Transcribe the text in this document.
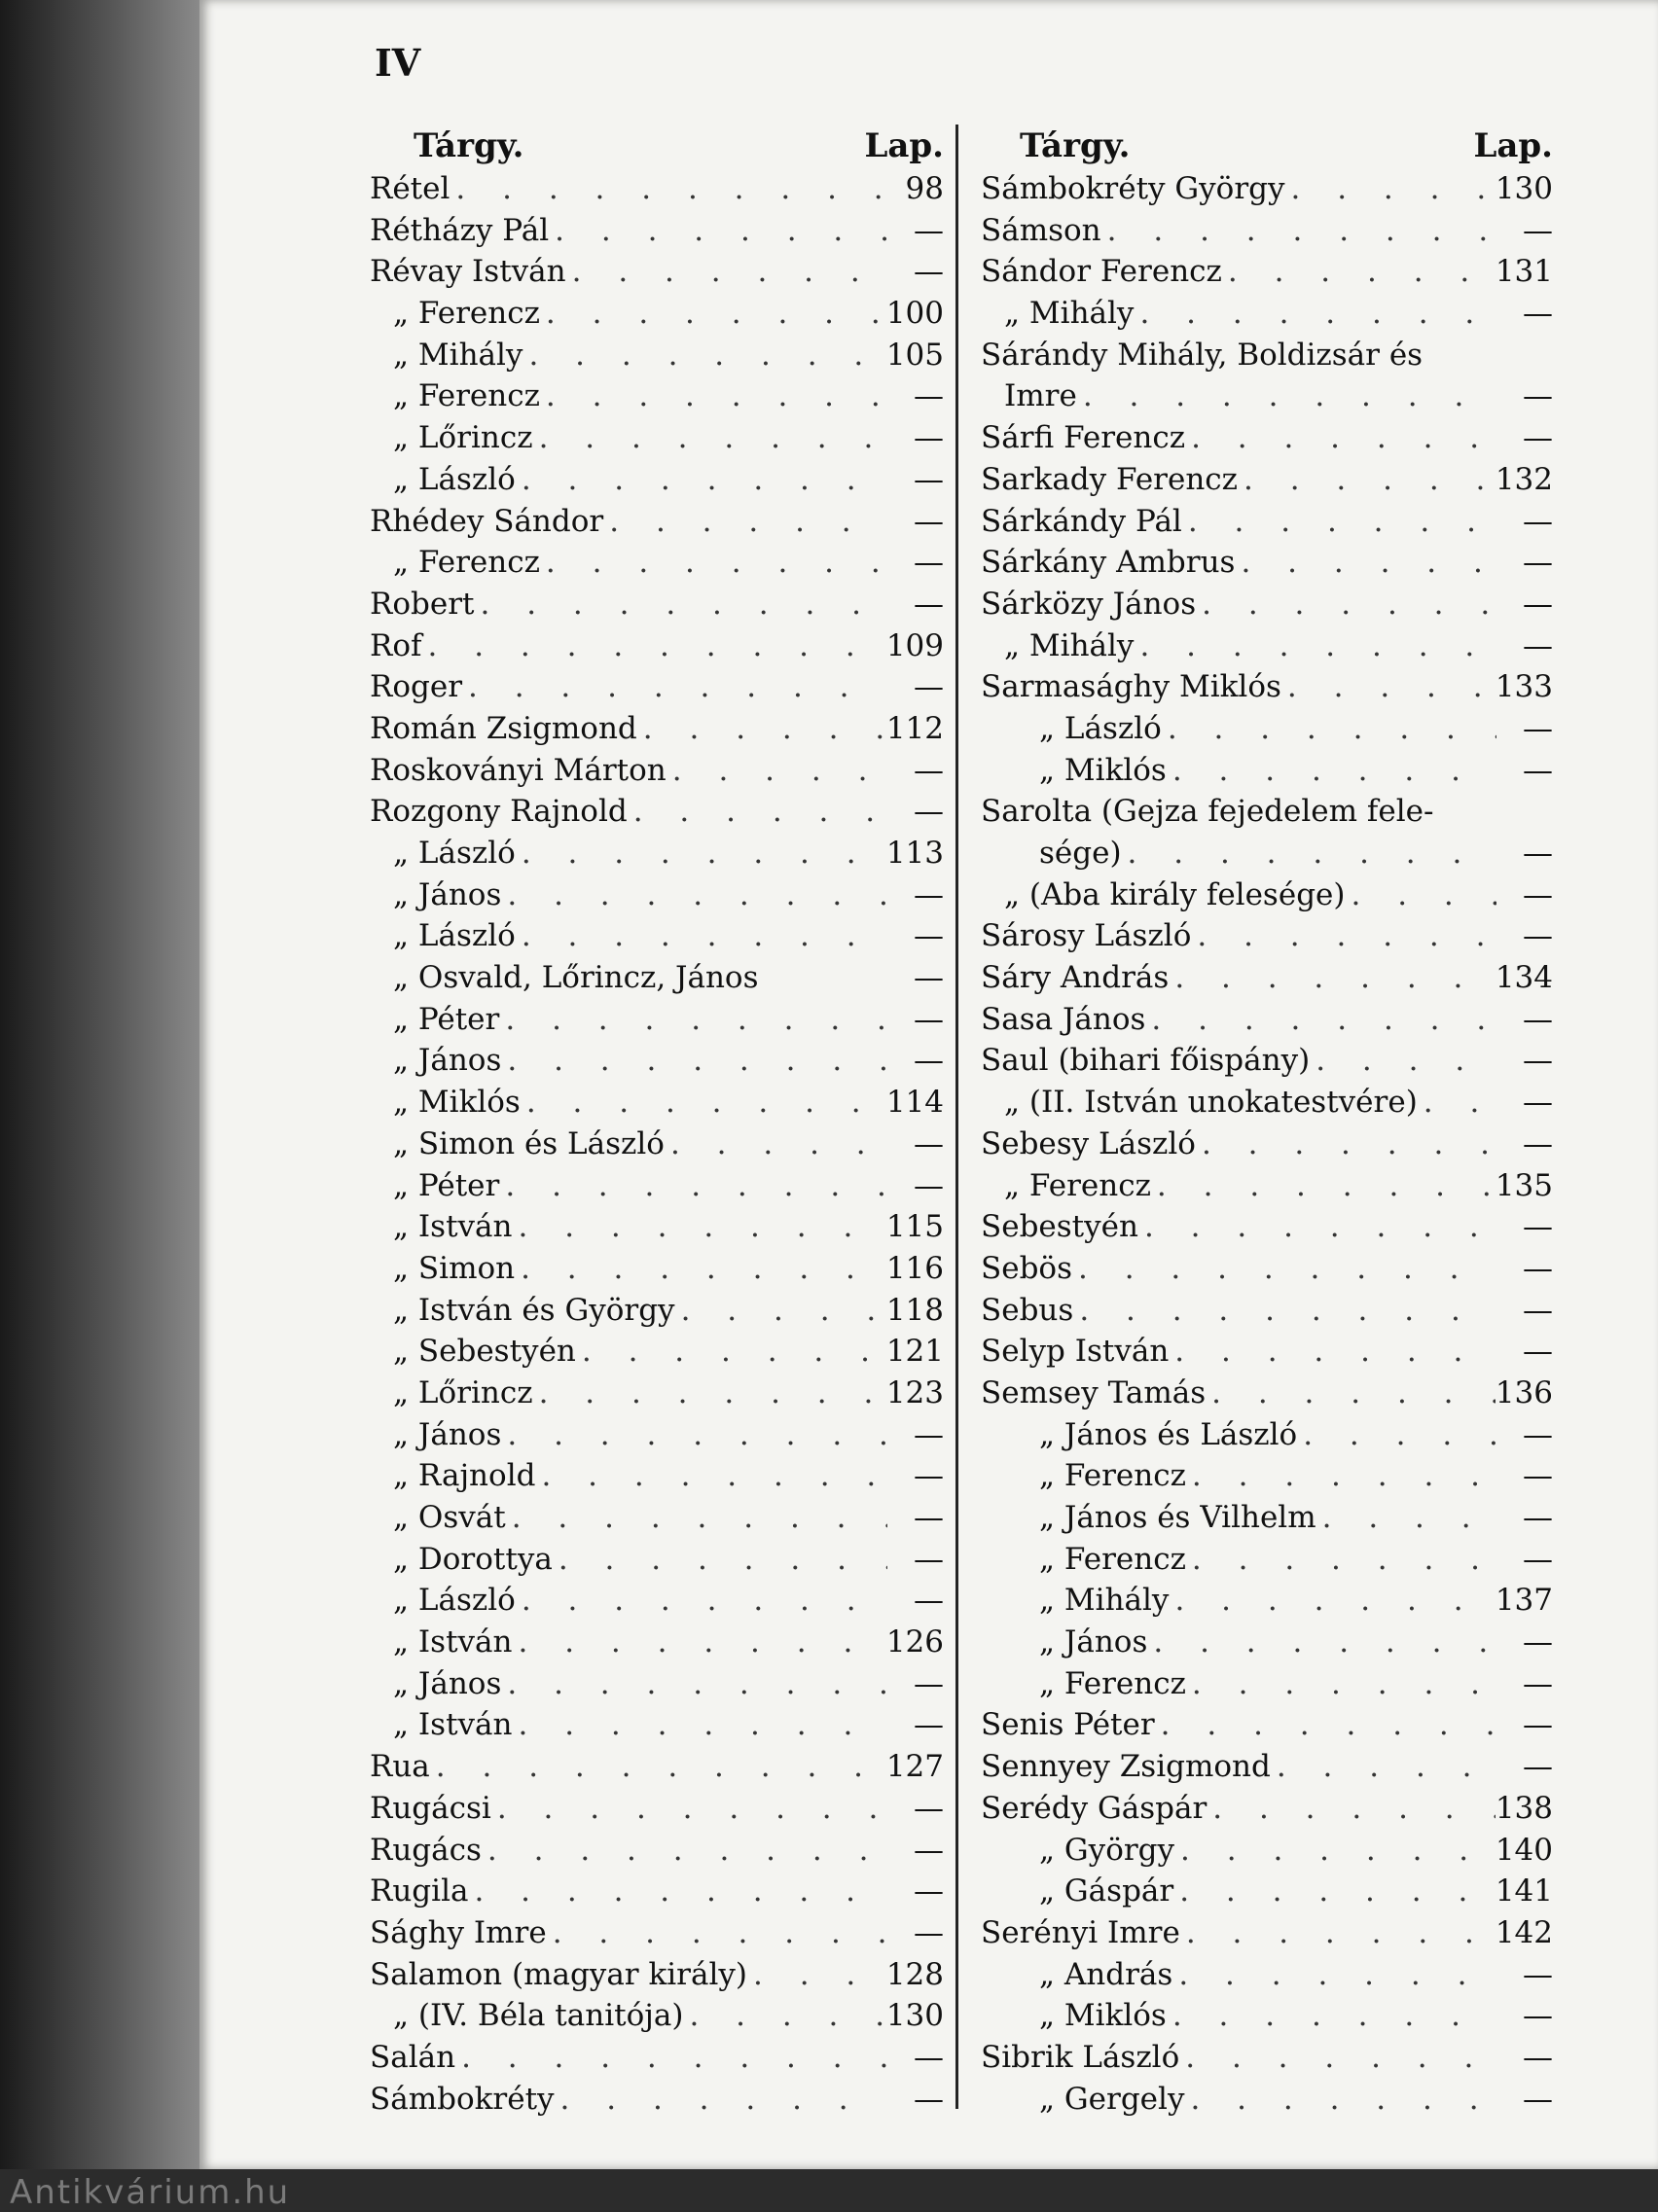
Antikvárium.hu
IV
Tárgy.	Lap.
Rétel . . .	98
Rétházy Pál . . .	—
Révay István . . .	—
„ Ferencz . . .	100
„ Mihály . . .	105
„ Ferencz . . .	—
„ Lőrincz . . .	—
„ László . . .	—
Rhédey Sándor . . .	—
„ Ferencz . . .	—
Robert . . .	—
Rof . . .	109
Roger . . .	—
Román Zsigmond . . .	112
Roskoványi Márton . . .	—
Rozgony Rajnold . . .	—
„ László . . .	113
„ János . . .	—
„ László . . .	—
„ Osvald, Lőrincz, János	—
„ Péter . . .	—
„ János . . .	—
„ Miklós . . .	114
„ Simon és László . . .	—
„ Péter . . .	—
„ István . . .	115
„ Simon . . .	116
„ István és György . . .	118
„ Sebestyén . . .	121
„ Lőrincz . . .	123
„ János . . .	—
„ Rajnold . . .	—
„ Osvát . . .	—
„ Dorottya . . .	—
„ László . . .	—
„ István . . .	126
„ János . . .	—
„ István . . .	—
Rua . . .	127
Rugácsi . . .	—
Rugács . . .	—
Rugila . . .	—
Sághy Imre . . .	—
Salamon (magyar király) . . .	128
„ (IV. Béla tanitója) . . .	130
Salán . . .	—
Sámbokréty . . .	—
Tárgy.	Lap.
Sámbokréty György . . .	130
Sámson . . .	—
Sándor Ferencz . . .	131
„ Mihály . . .	—
Sárándy Mihály, Boldizsár és
Imre . . .	—
Sárfi Ferencz . . .	—
Sarkady Ferencz . . .	132
Sárkándy Pál . . .	—
Sárkány Ambrus . . .	—
Sárközy János . . .	—
„ Mihály . . .	—
Sarmasághy Miklós . . .	133
„ László . . .	—
„ Miklós . . .	—
Sarolta (Gejza fejedelem fele-
sége) . . .	—
„ (Aba király felesége) . . .	—
Sárosy László . . .	—
Sáry András . . .	134
Sasa János . . .	—
Saul (bihari főispány) . . .	—
„ (II. István unokatestvére) . . .	—
Sebesy László . . .	—
„ Ferencz . . .	135
Sebestyén . . .	—
Sebös . . .	—
Sebus . . .	—
Selyp István . . .	—
Semsey Tamás . . .	136
„ János és László . . .	—
„ Ferencz . . .	—
„ János és Vilhelm . . .	—
„ Ferencz . . .	—
„ Mihály . . .	137
„ János . . .	—
„ Ferencz . . .	—
Senis Péter . . .	—
Sennyey Zsigmond . . .	—
Serédy Gáspár . . .	138
„ György . . .	140
„ Gáspár . . .	141
Serényi Imre . . .	142
„ András . . .	—
„ Miklós . . .	—
Sibrik László . . .	—
„ Gergely . . .	—
